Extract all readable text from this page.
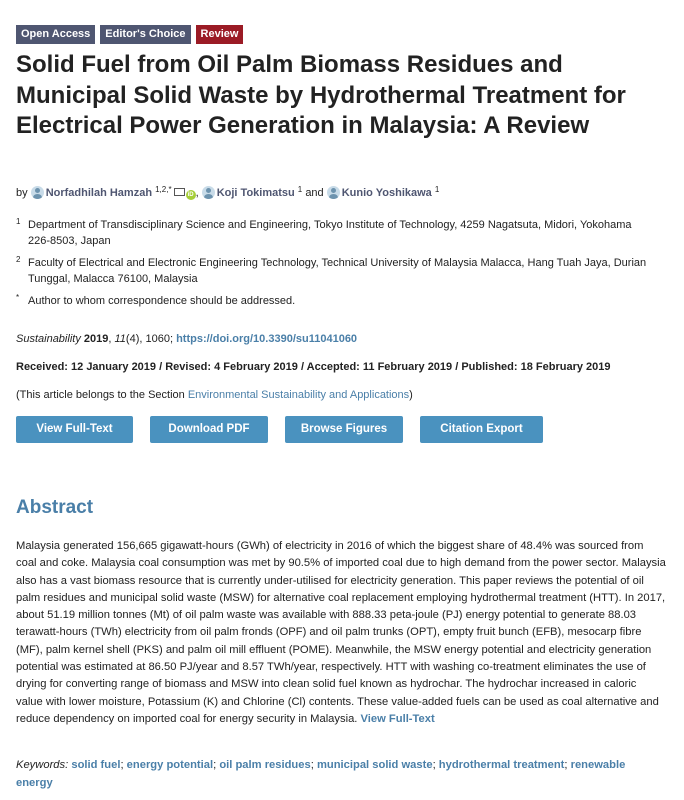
Open Access	Editor's Choice	Review
Solid Fuel from Oil Palm Biomass Residues and Municipal Solid Waste by Hydrothermal Treatment for Electrical Power Generation in Malaysia: A Review
by Norfadhilah Hamzah $^{1,2,*}$iD , Koji Tokimatsu $^1$ and Kunio Yoshikawa $^1$
1 Department of Transdisciplinary Science and Engineering, Tokyo Institute of Technology, 4259 Nagatsuta, Midori, Yokohama 226-8503, Japan
2 Faculty of Electrical and Electronic Engineering Technology, Technical University of Malaysia Malacca, Hang Tuah Jaya, Durian Tunggal, Malacca 76100, Malaysia
* Author to whom correspondence should be addressed.
Sustainability 2019, 11(4), 1060; https://doi.org/10.3390/su11041060
Received: 12 January 2019 / Revised: 4 February 2019 / Accepted: 11 February 2019 / Published: 18 February 2019
(This article belongs to the Section Environmental Sustainability and Applications)
View Full-Text	Download PDF	Browse Figures	Citation Export
Abstract

Malaysia generated 156,665 gigawatt-hours (GWh) of electricity in 2016 of which the biggest share of 48.4% was sourced from coal and coke. Malaysia coal consumption was met by 90.5% of imported coal due to high demand from the power sector. Malaysia also has a vast biomass resource that is currently under-utilised for electricity generation. This paper reviews the potential of oil palm residues and municipal solid waste (MSW) for alternative coal replacement employing hydrothermal treatment (HTT). In 2017, about 51.19 million tonnes (Mt) of oil palm waste was available with 888.33 peta-joule (PJ) energy potential to generate 88.03 terawatt-hours (TWh) electricity from oil palm fronds (OPF) and oil palm trunks (OPT), empty fruit bunch (EFB), mesocarp fibre (MF), palm kernel shell (PKS) and palm oil mill effluent (POME). Meanwhile, the MSW energy potential and electricity generation potential was estimated at 86.50 PJ/year and 8.57 TWh/year, respectively. HTT with washing co-treatment eliminates the use of drying for converting range of biomass and MSW into clean solid fuel known as hydrochar. The hydrochar increased in caloric value with lower moisture, Potassium (K) and Chlorine (Cl) contents. These value-added fuels can be used as coal alternative and reduce dependency on imported coal for energy security in Malaysia. View Full-Text

Keywords: solid fuel; energy potential; oil palm residues; municipal solid waste; hydrothermal treatment; renewable energy
